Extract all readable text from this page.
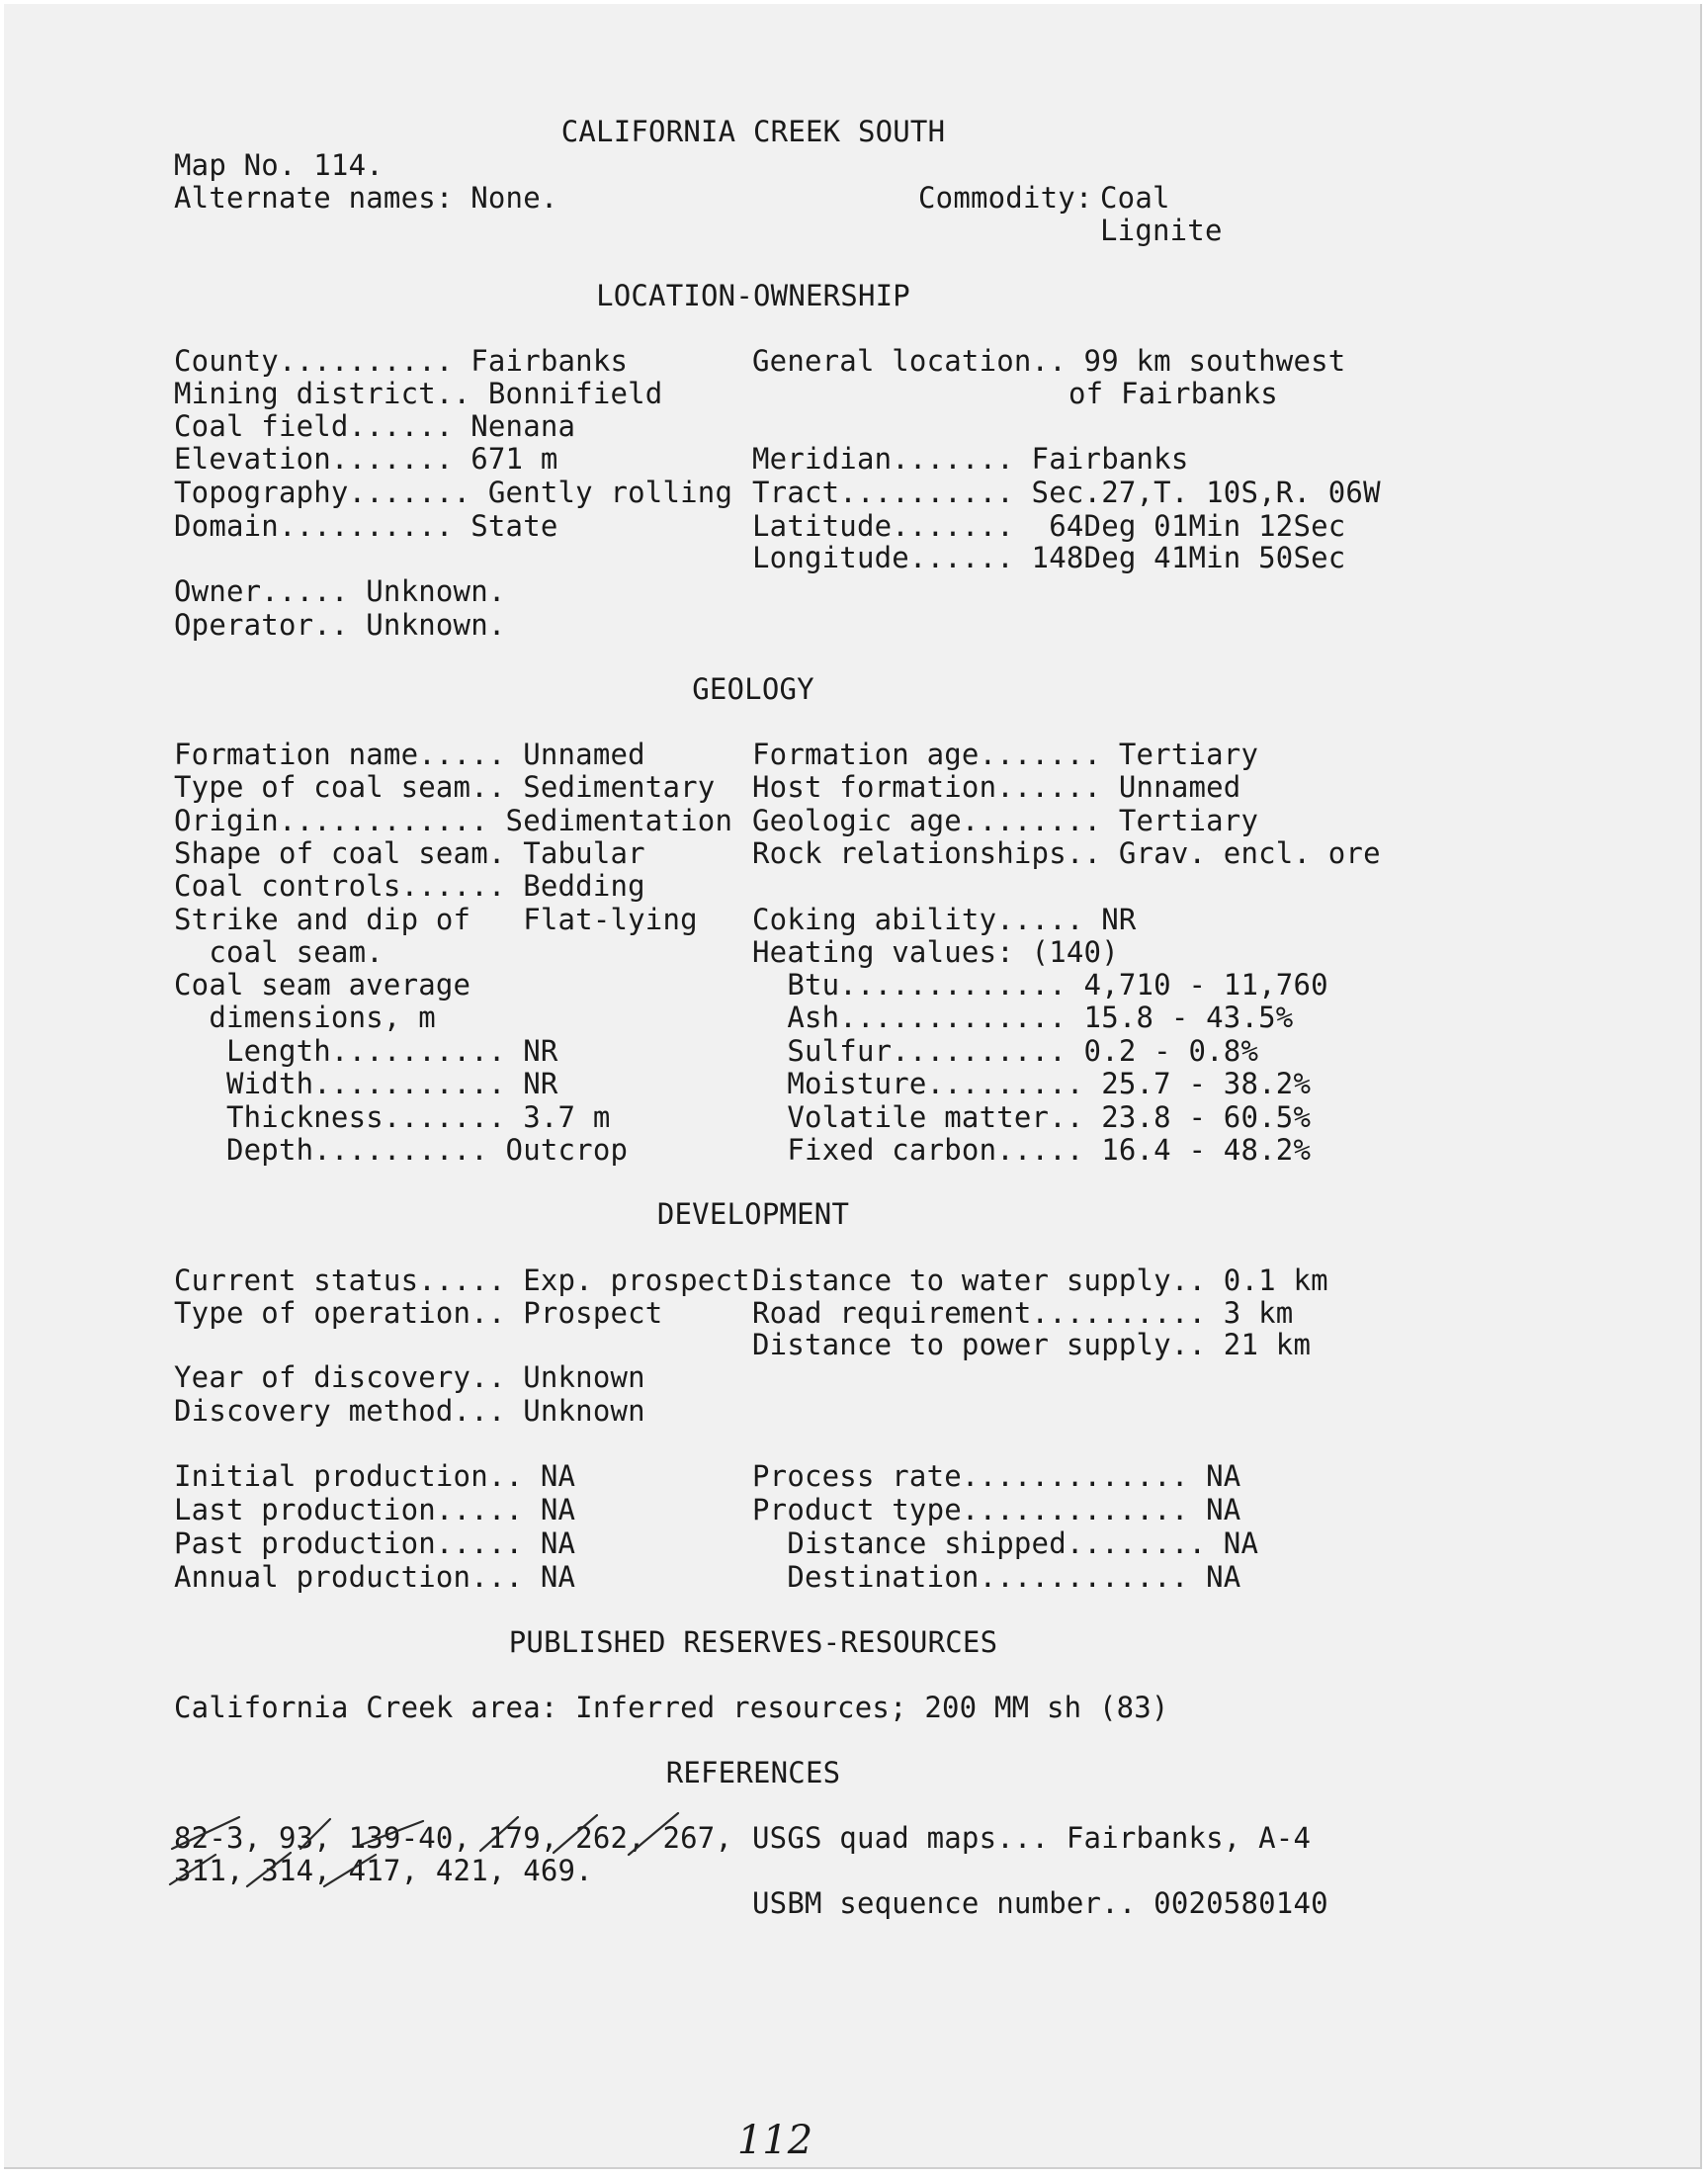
CALIFORNIA CREEK SOUTH
Map No. 114.
Alternate names: None.	Commodity: Coal
Lignite
LOCATION-OWNERSHIP
County.......... Fairbanks
Mining district.. Bonnifield
Coal field...... Nenana
Elevation....... 671 m
Topography....... Gently rolling
Domain.......... State
General location.. 99 km southwest
of Fairbanks
Meridian....... Fairbanks
Tract.......... Sec.27,T. 10S,R. 06W
Latitude.......  64Deg 01Min 12Sec
Longitude...... 148Deg 41Min 50Sec
Owner..... Unknown.
Operator.. Unknown.
GEOLOGY
Formation name..... Unnamed
Type of coal seam.. Sedimentary
Origin............ Sedimentation
Shape of coal seam. Tabular
Coal controls...... Bedding
Strike and dip of   Flat-lying
coal seam.
Coal seam average
dimensions, m
Length.......... NR
Width........... NR
Thickness....... 3.7 m
Depth.......... Outcrop
Formation age....... Tertiary
Host formation...... Unnamed
Geologic age........ Tertiary
Rock relationships.. Grav. encl. ore
Coking ability..... NR
Heating values: (140)
Btu............. 4,710 - 11,760
Ash............. 15.8 - 43.5%
Sulfur.......... 0.2 - 0.8%
Moisture......... 25.7 - 38.2%
Volatile matter.. 23.8 - 60.5%
Fixed carbon..... 16.4 - 48.2%
DEVELOPMENT
Current status..... Exp. prospect
Type of operation.. Prospect
Distance to water supply.. 0.1 km
Road requirement.......... 3 km
Distance to power supply.. 21 km
Year of discovery.. Unknown
Discovery method... Unknown
Initial production.. NA
Last production..... NA
Past production..... NA
Annual production... NA
Process rate............. NA
Product type............. NA
Distance shipped........ NA
Destination............ NA
PUBLISHED RESERVES-RESOURCES
California Creek area: Inferred resources; 200 MM sh (83)
REFERENCES
82-3, 93, 139-40, 179, 262, 267,
311, 314, 417, 421, 469.
USGS quad maps... Fairbanks, A-4
USBM sequence number.. 0020580140
112
